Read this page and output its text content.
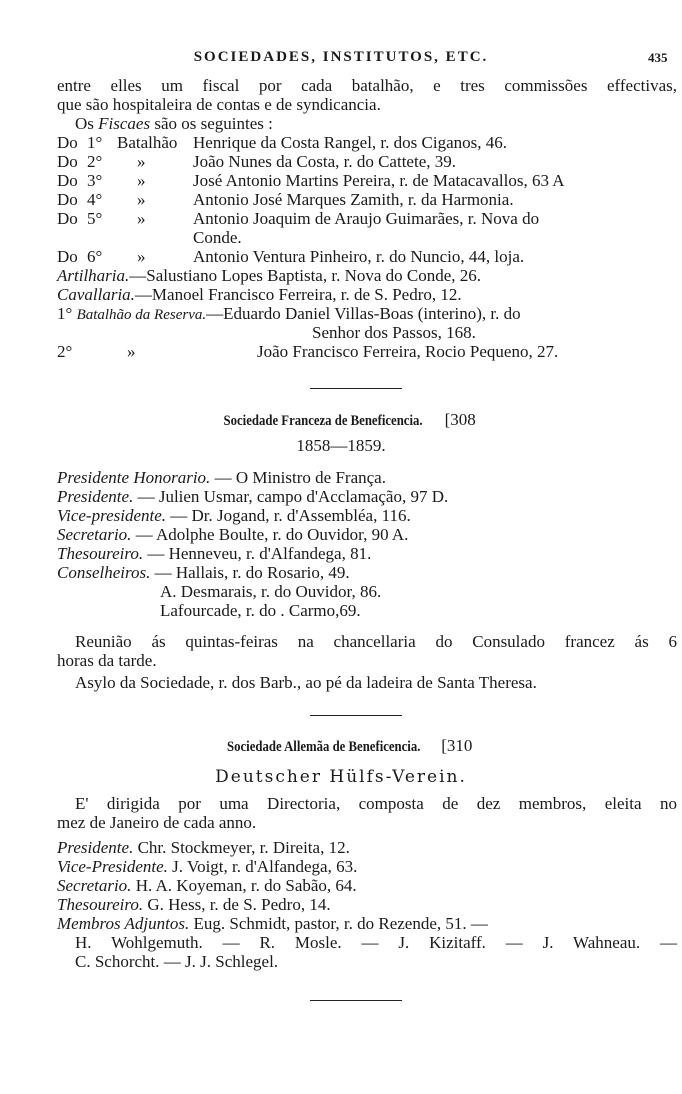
SOCIEDADES, INSTITUTOS, ETC.	435
entre elles um fiscal por cada batalhão, e tres commissões effectivas,
que são hospitaleira de contas e de syndicancia.
Os Fiscaes são os seguintes :
Do 1° Batalhão Henrique da Costa Rangel, r. dos Ciganos, 46.
Do 2° »	João Nunes da Costa, r. do Cattete, 39.
Do 3° »	José Antonio Martins Pereira, r. de Matacavallos, 63 A
Do 4° »	Antonio José Marques Zamith, r. da Harmonia.
Do 5° »	Antonio Joaquim de Araujo Guimarães, r. Nova do
Conde.
Do 6° »	Antonio Ventura Pinheiro, r. do Nuncio, 44, loja.
Artilharia.—Salustiano Lopes Baptista, r. Nova do Conde, 26.
Cavallaria.—Manoel Francisco Ferreira, r. de S. Pedro, 12.
1° Batalhão da Reserva.—Eduardo Daniel Villas-Boas (interino), r. do
Senhor dos Passos, 168.
2°	»	João Francisco Ferreira, Rocio Pequeno, 27.
Sociedade Franceza de Beneficencia. [308
1858—1859.
Presidente Honorario. — O Ministro de França.
Presidente. — Julien Usmar, campo d'Acclamação, 97 D.
Vice-presidente. — Dr. Jogand, r. d'Assembléa, 116.
Secretario. — Adolphe Boulte, r. do Ouvidor, 90 A.
Thesoureiro. — Henneveu, r. d'Alfandega, 81.
Conselheiros. — Hallais, r. do Rosario, 49.
A. Desmarais, r. do Ouvidor, 86.
Lafourcade, r. do . Carmo,69.
Reunião ás quintas-feiras na chancellaria do Consulado francez ás 6
horas da tarde.
Asylo da Sociedade, r. dos Barb., ao pé da ladeira de Santa Theresa.
Sociedade Allemãa de Beneficencia. [310
Deutscher Hülfs-Verein.
E' dirigida por uma Directoria, composta de dez membros, eleita no
mez de Janeiro de cada anno.
Presidente. Chr. Stockmeyer, r. Direita, 12.
Vice-Presidente. J. Voigt, r. d'Alfandega, 63.
Secretario. H. A. Koyeman, r. do Sabão, 64.
Thesoureiro. G. Hess, r. de S. Pedro, 14.
Membros Adjuntos. Eug. Schmidt, pastor, r. do Rezende, 51. —
H. Wohlgemuth. — R. Mosle. — J. Kizitaff. — J. Wahneau. —
C. Schorcht. — J. J. Schlegel.
